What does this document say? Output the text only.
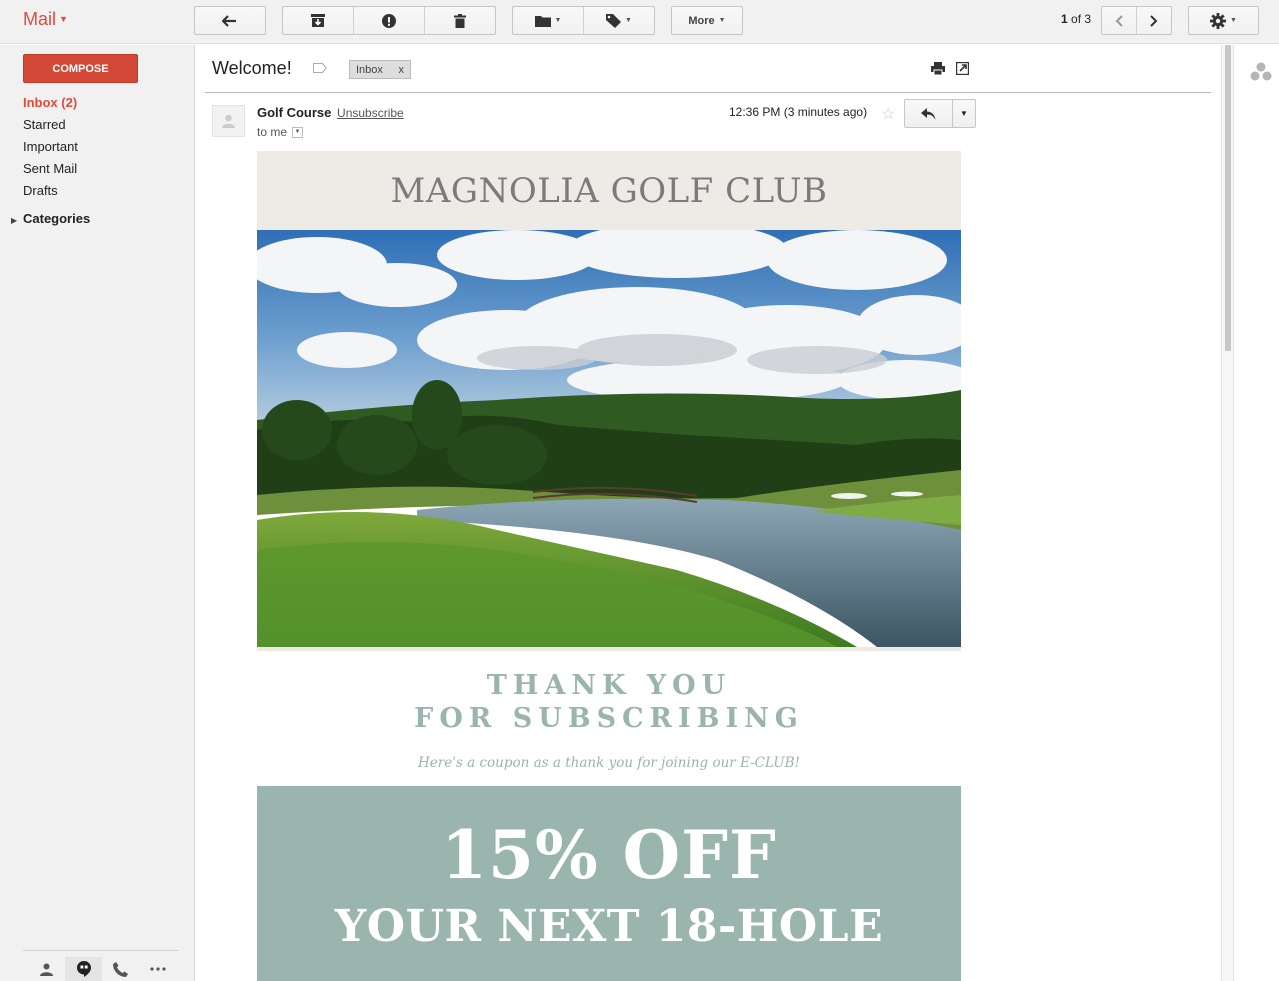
Mail ▼	▼	▼	More ▼	1 of 3	▼
COMPOSE
Inbox (2)
Starred
Important
Sent Mail
Drafts
▶ Categories
Welcome!	Inbox x
Golf Course Unsubscribe
to me	▼
12:36 PM (3 minutes ago) ☆	▼
MAGNOLIA GOLF CLUB
THANK YOU
FOR SUBSCRIBING
Here's a coupon as a thank you for joining our E-CLUB!
15% OFF
YOUR NEXT 18-HOLE
